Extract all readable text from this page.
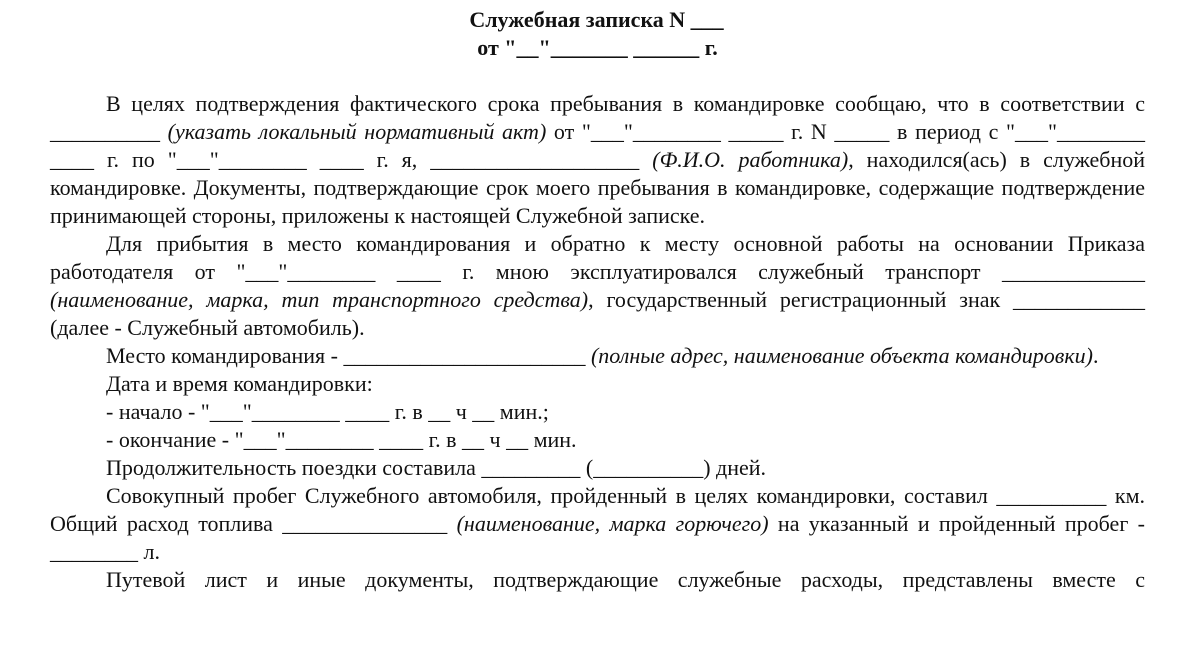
Служебная записка N ___

от "__"_______ ______ г.

В целях подтверждения фактического срока пребывания в командировке сообщаю, что в соответствии с __________ (указать локальный нормативный акт) от "___"________ _____ г. N _____ в период с "___"________ ____ г. по "___"________ ____ г. я, ___________________ (Ф.И.О. работника), находился(ась) в служебной командировке. Документы, подтверждающие срок моего пребывания в командировке, содержащие подтверждение принимающей стороны, приложены к настоящей Служебной записке.

Для прибытия в место командирования и обратно к месту основной работы на основании Приказа работодателя от "___"________ ____ г. мною эксплуатировался служебный транспорт _____________ (наименование, марка, тип транспортного средства), государственный регистрационный знак ____________ (далее - Служебный автомобиль).

Место командирования - ______________________ (полные адрес, наименование объекта командировки).

Дата и время командировки:

- начало - "___"________ ____ г. в __ ч __ мин.;

- окончание - "___"________ ____ г. в __ ч __ мин.

Продолжительность поездки составила _________ (__________) дней.

Совокупный пробег Служебного автомобиля, пройденный в целях командировки, составил __________ км. Общий расход топлива _______________ (наименование, марка горючего) на указанный и пройденный пробег - ________ л.

Путевой лист и иные документы, подтверждающие служебные расходы, представлены вместе с
